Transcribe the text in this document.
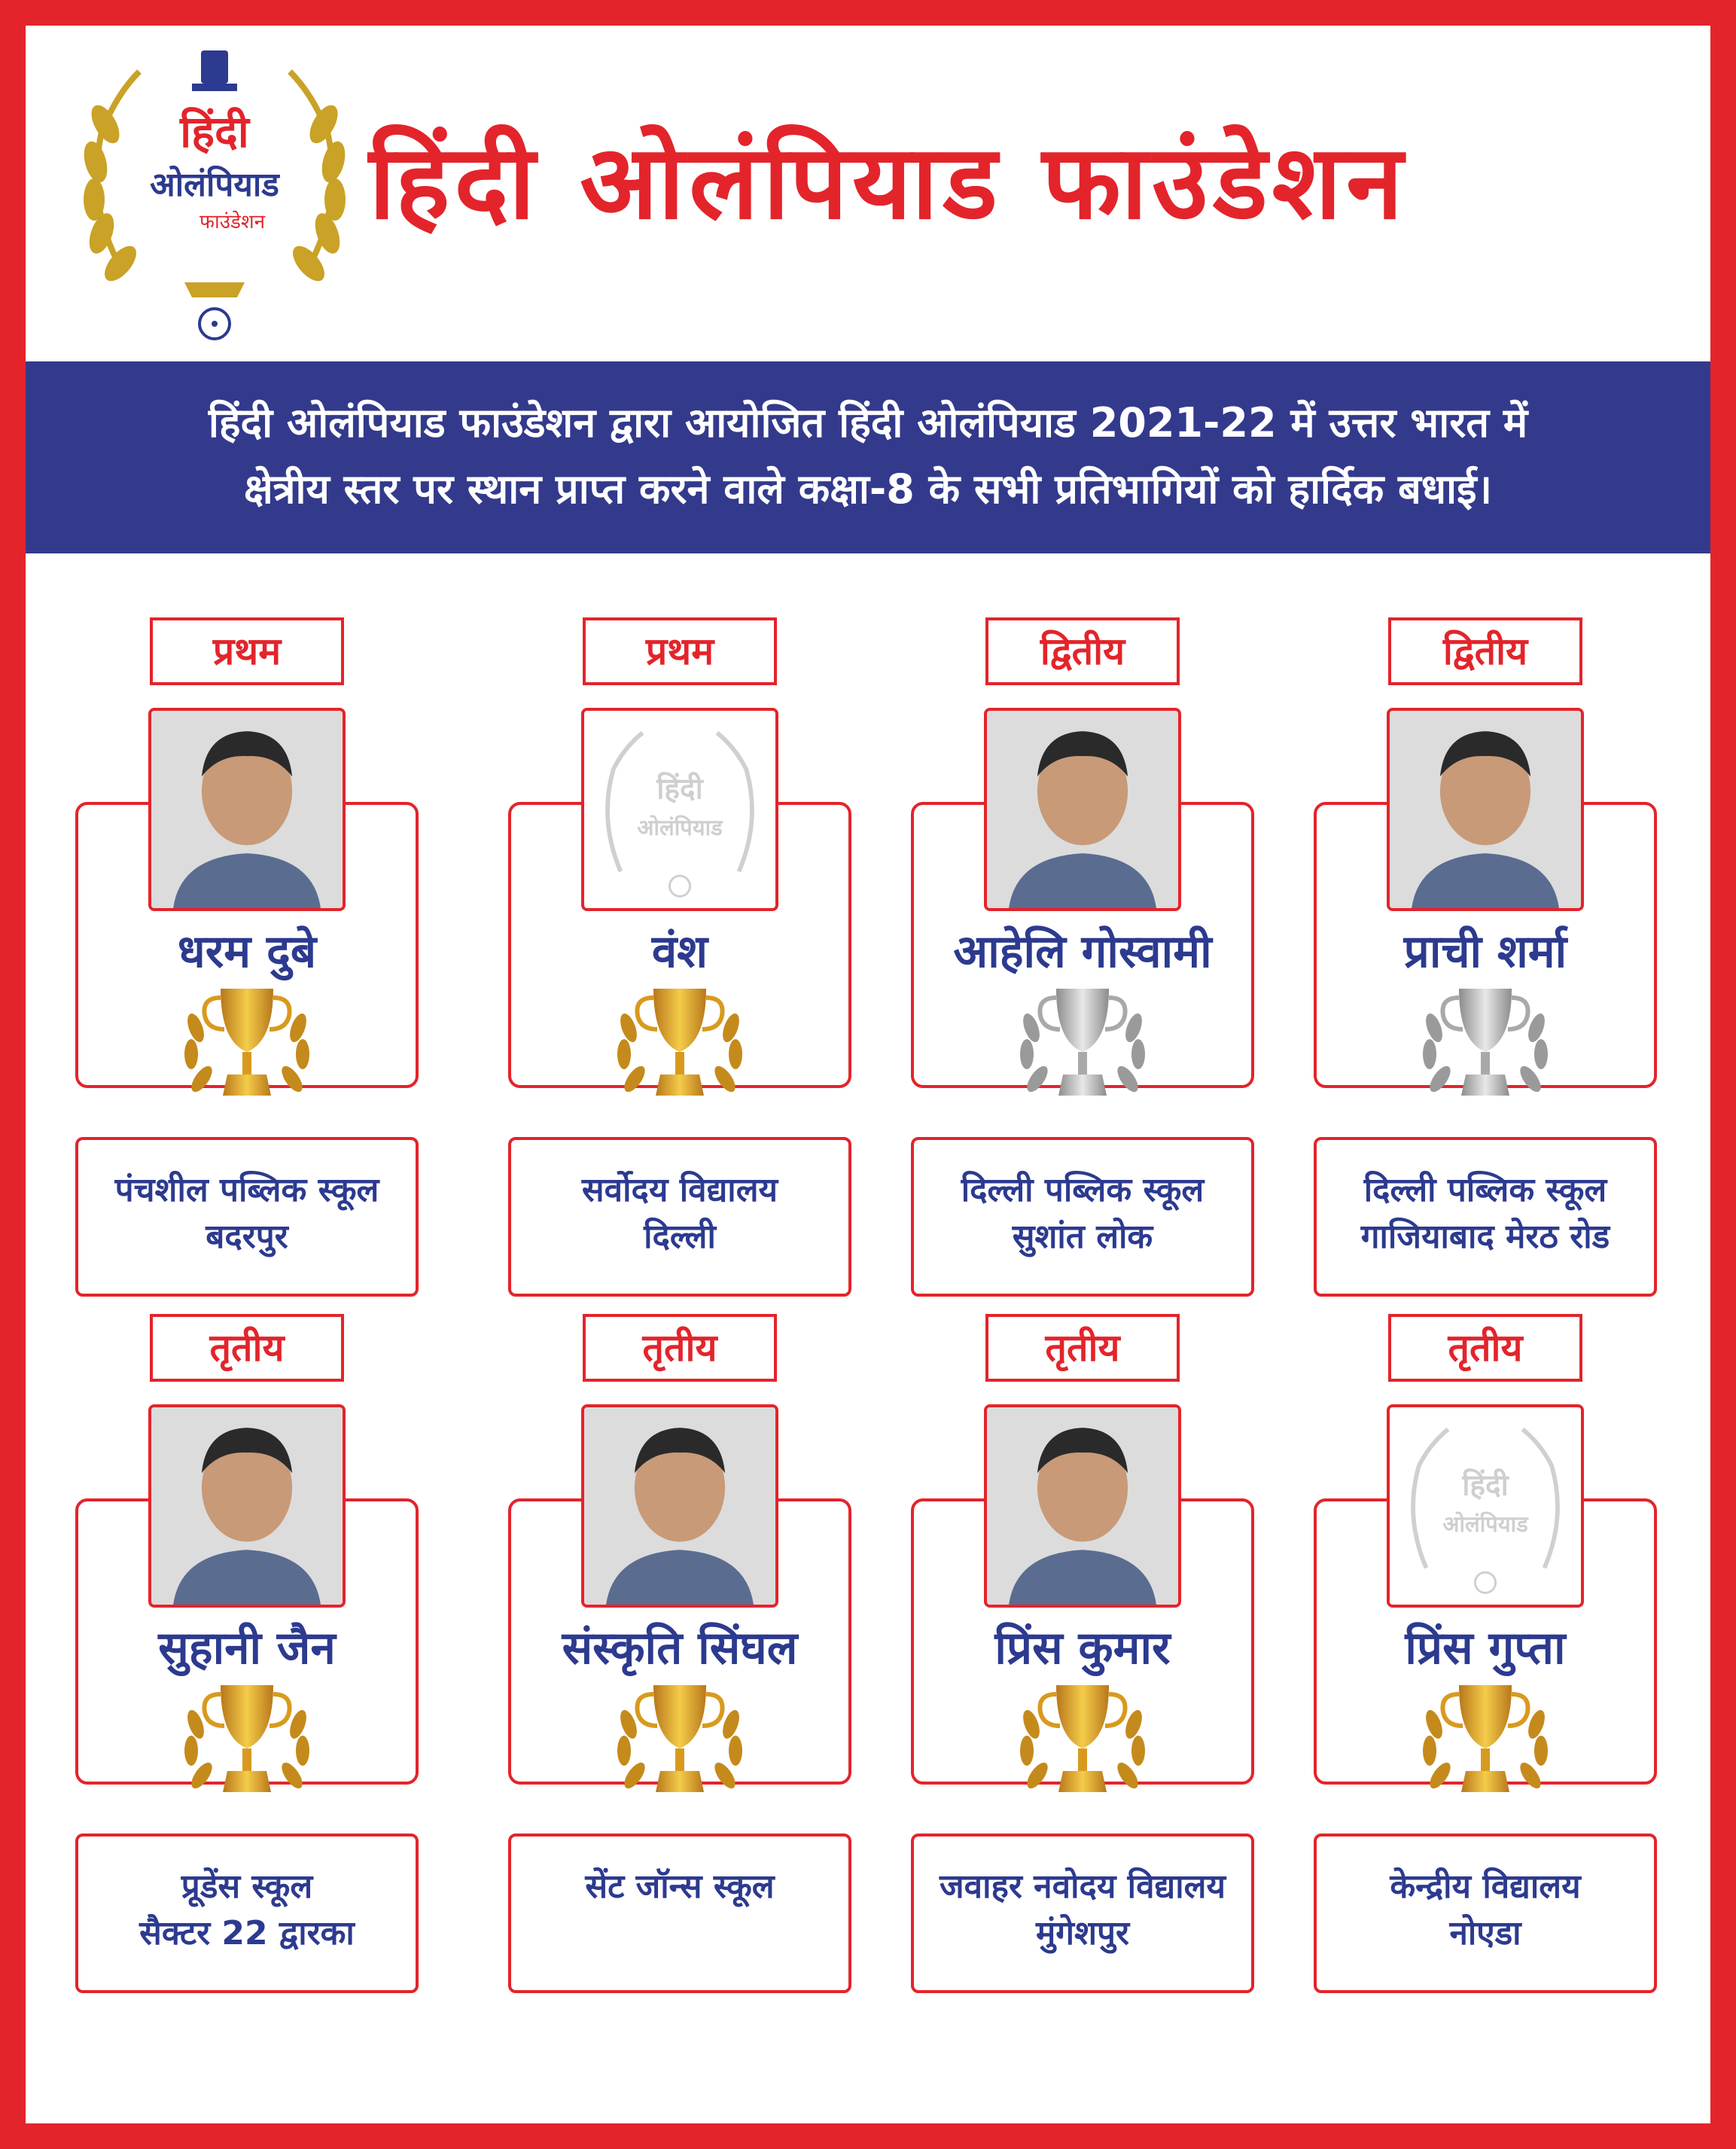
हिंदी
ओलंपियाड
फाउंडेशन	हिंदी ओलंपियाड फाउंडेशन
हिंदी ओलंपियाड फाउंडेशन द्वारा आयोजित हिंदी ओलंपियाड 2021-22 में उत्तर भारत में
क्षेत्रीय स्तर पर स्थान प्राप्त करने वाले कक्षा-8 के सभी प्रतिभागियों को हार्दिक बधाई।
प्रथम
धरम दुबे
पंचशील पब्लिक स्कूल
बदरपुर
प्रथम
हिंदी
ओलंपियाड
वंश
सर्वोदय विद्यालय
दिल्ली
द्वितीय
आहेलि गोस्वामी
दिल्ली पब्लिक स्कूल
सुशांत लोक
द्वितीय
प्राची शर्मा
दिल्ली पब्लिक स्कूल
गाजियाबाद मेरठ रोड
तृतीय
सुहानी जैन
प्रूडेंस स्कूल
सैक्टर 22 द्वारका
तृतीय
संस्कृति सिंघल
सेंट जॉन्स स्कूल
तृतीय
प्रिंस कुमार
जवाहर नवोदय विद्यालय
मुंगेशपुर
तृतीय
हिंदी
ओलंपियाड
प्रिंस गुप्ता
केन्द्रीय विद्यालय
नोएडा
